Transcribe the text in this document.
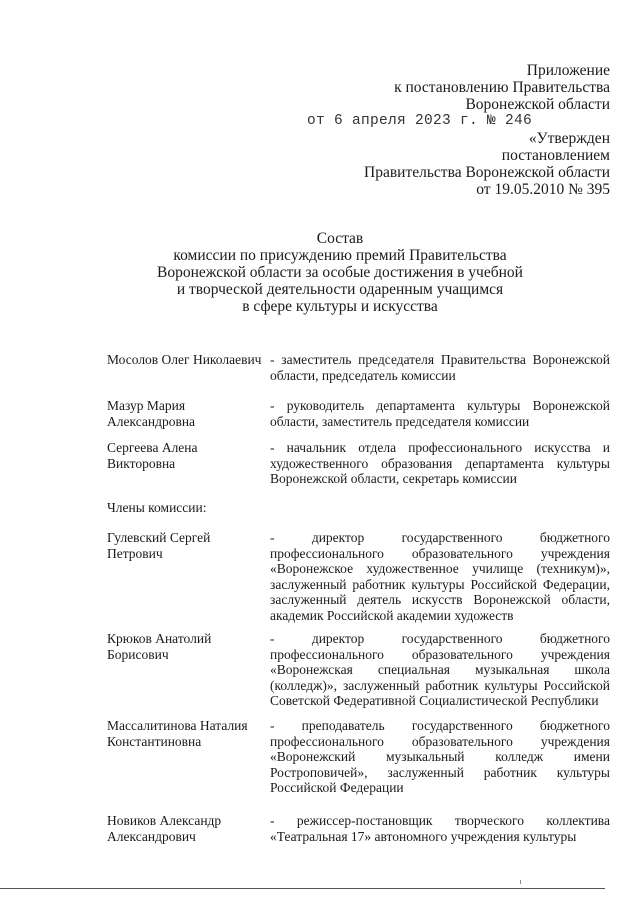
Приложение
к постановлению Правительства
Воронежской области
от 6 апреля 2023 г. № 246
«Утвержден
постановлением
Правительства Воронежской области
от 19.05.2010 № 395
Состав
комиссии по присуждению премий Правительства
Воронежской области за особые достижения в учебной
и творческой деятельности одаренным учащимся
в сфере культуры и искусства
Мосолов Олег Николаевич - заместитель председателя Правительства Воронежской области, председатель комиссии
Мазур Мария
Александровна
- руководитель департамента культуры Воронежской области, заместитель председателя комиссии
Сергеева Алена
Викторовна
- начальник отдела профессионального искусства и художественного образования департамента культуры Воронежской области, секретарь комиссии
Члены комиссии:
Гулевский Сергей
Петрович
- директор государственного бюджетного профессионального образовательного учреждения «Воронежское художественное училище (техникум)», заслуженный работник культуры Российской Федерации, заслуженный деятель искусств Воронежской области, академик Российской академии художеств
Крюков Анатолий
Борисович
- директор государственного бюджетного профессионального образовательного учреждения «Воронежская специальная музыкальная школа (колледж)», заслуженный работник культуры Российской Советской Федеративной Социалистической Республики
Массалитинова Наталия
Константиновна
- преподаватель государственного бюджетного профессионального образовательного учреждения «Воронежский музыкальный колледж имени Ростроповичей», заслуженный работник культуры Российской Федерации
Новиков Александр
Александрович
- режиссер-постановщик творческого коллектива «Театральная 17» автономного учреждения культуры
